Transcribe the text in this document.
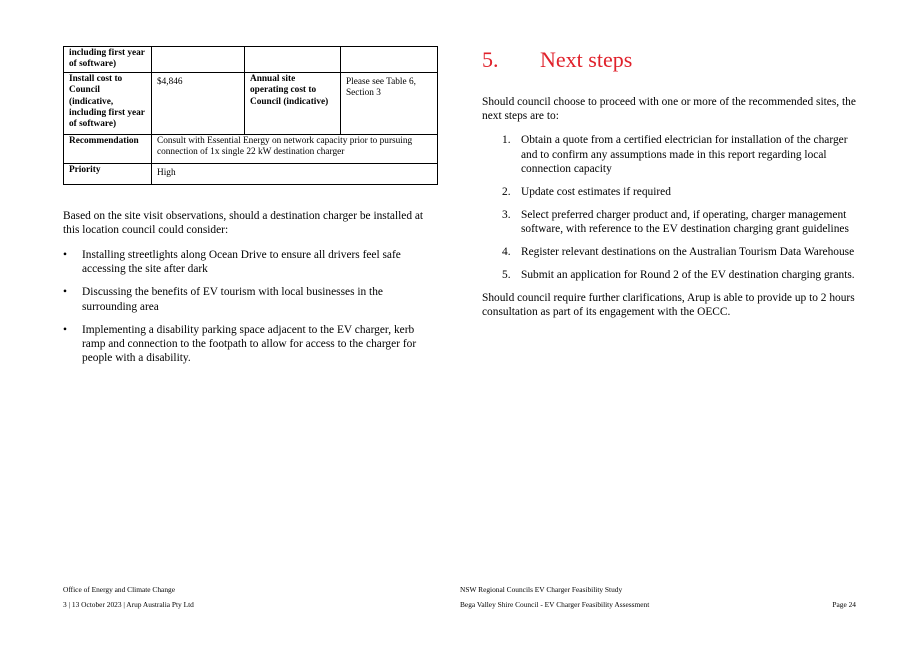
including first year of software)			
Install cost to Council (indicative, including first year of software)	$4,846	Annual site operating cost to Council (indicative)	Please see Table 6, Section 3
Recommendation	Consult with Essential Energy on network capacity prior to pursuing connection of 1x single 22 kW destination charger		
Priority	High		
Based on the site visit observations, should a destination charger be installed at this location council could consider:
• Installing streetlights along Ocean Drive to ensure all drivers feel safe accessing the site after dark
• Discussing the benefits of EV tourism with local businesses in the surrounding area
• Implementing a disability parking space adjacent to the EV charger, kerb ramp and connection to the footpath to allow for access to the charger for people with a disability.
5. Next steps
Should council choose to proceed with one or more of the recommended sites, the next steps are to:
1. Obtain a quote from a certified electrician for installation of the charger and to confirm any assumptions made in this report regarding local connection capacity
2. Update cost estimates if required
3. Select preferred charger product and, if operating, charger management software, with reference to the EV destination charging grant guidelines
4. Register relevant destinations on the Australian Tourism Data Warehouse
5. Submit an application for Round 2 of the EV destination charging grants.
Should council require further clarifications, Arup is able to provide up to 2 hours consultation as part of its engagement with the OECC.
Office of Energy and Climate Change
3 | 13 October 2023 | Arup Australia Pty Ltd
NSW Regional Councils EV Charger Feasibility Study
Bega Valley Shire Council - EV Charger Feasibility Assessment	Page 24
